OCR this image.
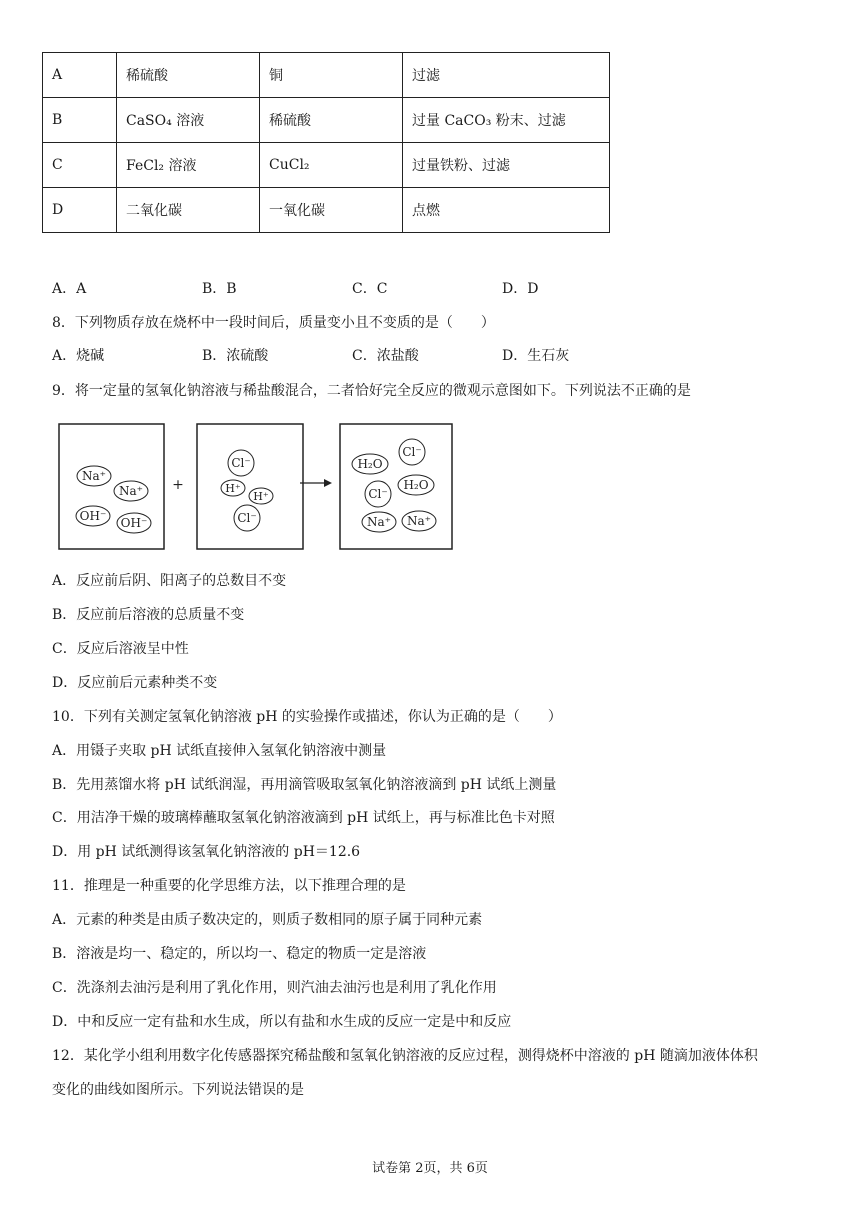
A	稀硫酸	铜	过滤
B	CaSO₄ 溶液	稀硫酸	过量 CaCO₃ 粉末、过滤
C	FeCl₂ 溶液	CuCl₂	过量铁粉、过滤
D	二氧化碳	一氧化碳	点燃
A．A	B．B	C．C	D．D
8．下列物质存放在烧杯中一段时间后，质量变小且不变质的是（　　）
A．烧碱	B．浓硫酸	C．浓盐酸	D．生石灰
9．将一定量的氢氧化钠溶液与稀盐酸混合，二者恰好完全反应的微观示意图如下。下列说法不正确的是
Na⁺
Na⁺
OH⁻ OH⁻
+
Cl⁻
H⁺
H⁺
Cl⁻
Cl⁻
H₂O
Cl⁻
H₂O
Na⁺ Na⁺
A．反应前后阴、阳离子的总数目不变
B．反应前后溶液的总质量不变
C．反应后溶液呈中性
D．反应前后元素种类不变
10．下列有关测定氢氧化钠溶液 pH 的实验操作或描述，你认为正确的是（　　）
A．用镊子夹取 pH 试纸直接伸入氢氧化钠溶液中测量
B．先用蒸馏水将 pH 试纸润湿，再用滴管吸取氢氧化钠溶液滴到 pH 试纸上测量
C．用洁净干燥的玻璃棒蘸取氢氧化钠溶液滴到 pH 试纸上，再与标准比色卡对照
D．用 pH 试纸测得该氢氧化钠溶液的 pH＝12.6
11．推理是一种重要的化学思维方法，以下推理合理的是
A．元素的种类是由质子数决定的，则质子数相同的原子属于同种元素
B．溶液是均一、稳定的，所以均一、稳定的物质一定是溶液
C．洗涤剂去油污是利用了乳化作用，则汽油去油污也是利用了乳化作用
D．中和反应一定有盐和水生成，所以有盐和水生成的反应一定是中和反应
12．某化学小组利用数字化传感器探究稀盐酸和氢氧化钠溶液的反应过程，测得烧杯中溶液的 pH 随滴加液体体积
变化的曲线如图所示。下列说法错误的是
试卷第 2页，共 6页
